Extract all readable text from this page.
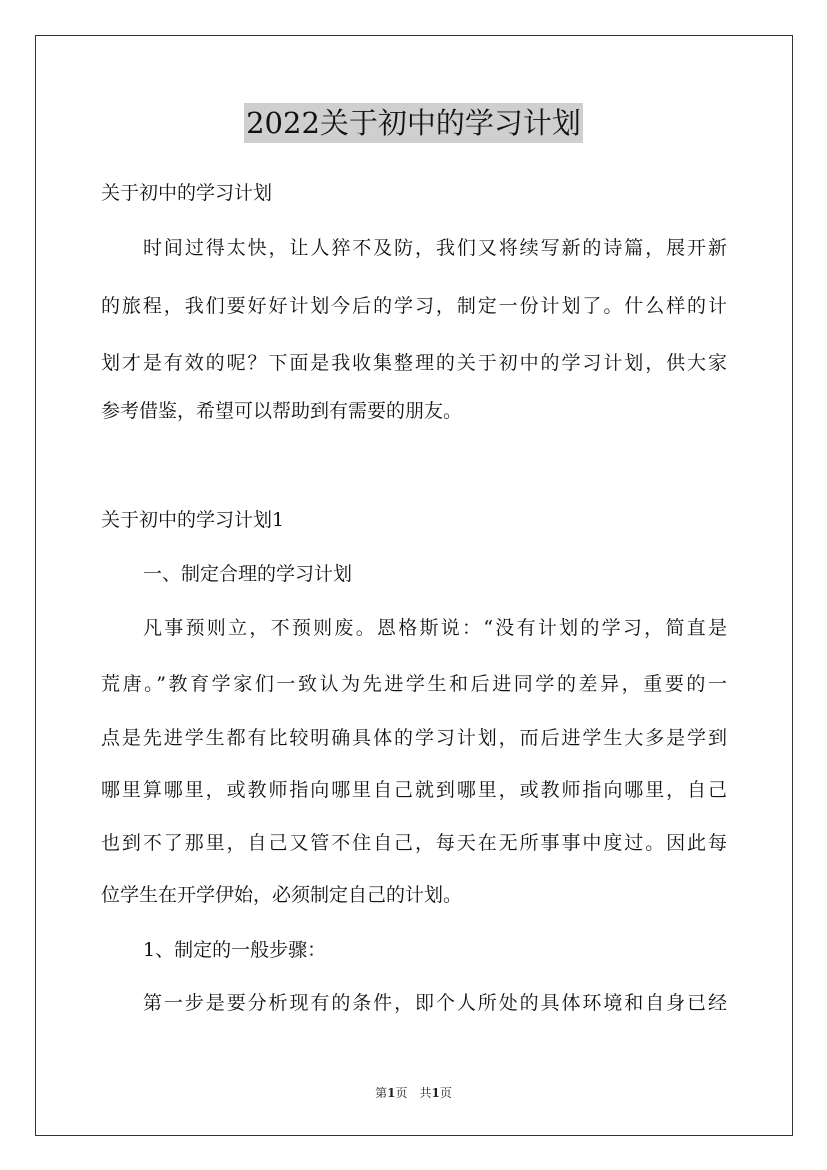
2022关于初中的学习计划
关于初中的学习计划
时间过得太快，让人猝不及防，我们又将续写新的诗篇，展开新
的旅程，我们要好好计划今后的学习，制定一份计划了。什么样的计
划才是有效的呢？下面是我收集整理的关于初中的学习计划，供大家
参考借鉴，希望可以帮助到有需要的朋友。
关于初中的学习计划1
一、制定合理的学习计划
凡事预则立，不预则废。恩格斯说：“没有计划的学习，简直是
荒唐。”教育学家们一致认为先进学生和后进同学的差异，重要的一
点是先进学生都有比较明确具体的学习计划，而后进学生大多是学到
哪里算哪里，或教师指向哪里自己就到哪里，或教师指向哪里，自己
也到不了那里，自己又管不住自己，每天在无所事事中度过。因此每
位学生在开学伊始，必须制定自己的计划。
1、制定的一般步骤：
第一步是要分析现有的条件，即个人所处的具体环境和自身已经
第1页 共1页
